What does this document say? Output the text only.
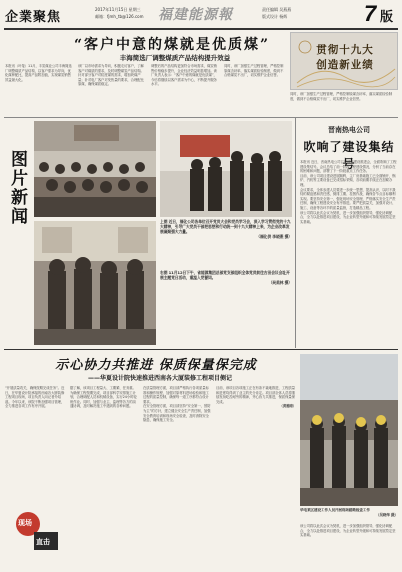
企業聚焦
2017年11月15日 星期三
邮箱：fjmh_tb@126.com 福建能源報	责任编辑 吴燕燕
版式设计 杨辉	7 版
“客户中意的煤就是优质煤”
丰海简选厂调整煤质产品结构提升效益
本报讯（叶斐）11月，丰炭煤业公司丰海简选厂调整煤质产品结构，以客户需求为导向，优化煤种配比，提高产品附加值，实现煤炭销售效益最大化。
该厂以市场需求为导向，积极走访客户，了解客户对煤质的需求，及时调整煤炭产品结构。针对部分客户对粒度煤的需求，增加块煤产量；针对电厂客户对发热量的要求，合理配比原煤，确保煤质稳定。
调整后的产品结构更加符合市场需求，煤炭销售价格稳步提升，企业经济效益明显增加。该厂负责人表示：“客户中意的煤就是优质煤”，今后将继续以客户需求为中心，不断提升服务水平。
同时，该厂加强生产过程管理，严格控制原煤含矸率，落实煤质检验制度，做到不合格煤炭不出厂，切实维护企业信誉。
贯彻十九大
创造新业绩
同时，该厂加强生产过程管理，严格控制原煤含矸率，落实煤质检验制度，做到不合格煤炭不出厂，切实维护企业信誉。
图片新闻	上图 近日，福化公司各单位召开党员大会和党员学习会，深入学习贯彻党的十九大精神，引导广大党员干部把思想和行动统一到十九大精神上来，为企业改革发展凝聚强大力量。
（福化供 李晓燕 摄）
右图 11月12日下午，省能源集团总部党支部组织全体党员前往古田会议会址开展主题党日活动，重温入党誓词。
（吴美林 摄）
晋南热电公司
吹响了建设集结号
本报讯 近日，晋南热电公司召开项目建设推进会，全面吹响了工程建设集结号。会议总结了前一阶段工程建设情况，分析了当前存在的困难和问题，部署了下一阶段重点工作任务。
目前，该公司项目建设进展顺利，主厂房基础施工已全面铺开，锅炉、汽机等主要设备已完成招标采购，各项前期手续正在加紧办理。
会议要求，全体参建人员要进一步统一思想，提高认识，以时不我待的紧迫感和责任感，倒排工期、挂图作战，确保各节点目标顺利实现。要坚持安全第一，强化现场安全管理，严格落实安全生产责任制，确保工程建设安全有序推进。要严把质量关，加强对设计、施工、设备等各环节的质量监督，打造精品工程。
该公司将以此次会议为契机，进一步加强组织领导，强化协调配合，全力以赴推进项目建设，为企业转型升级和可持续发展奠定坚实基础。
示心协力共推进 保质保量保完成
——华夏设计院快速推进西南各大厦装修工程项目侧记
“开展质量攻关，确保按期完成任务”。近日，在华夏设计院承接的西南各大厦装修工程项目现场，项目负责人向记者介绍道。今年以来，该院不断加强项目管理，全力推进各项工作有序开展。
现场
直击
据了解，该项目工程量大、工期紧、任务重。为确保工程按期完成，项目部科学安排施工计划，合理调配人员和机械设备，实行24小时轮班作业。同时，加强与业主、监理等各方的沟通协调，及时解决施工中遇到的各种问题。
在质量管理方面，项目部严格执行各项质量标准和操作规程，加强对原材料进场检验和施工过程的质量控制，确保每一道工序都符合设计要求。
在安全管理方面，项目部坚持“安全第一、预防为主”的方针，建立健全安全生产责任制，加强安全教育培训和现场安全检查，及时消除安全隐患，确保施工安全。
目前，该项目各项施工正在有条不紊地推进，工程质量和进度均得到了业主的充分肯定。项目部全体人员将继续发扬吃苦耐劳的精神，齐心协力共推进，保质保量保完成。
（黄雅晴）
华电某区建设工作人员开展现场踏勘检查工作
（吴晓华 摄）
该公司将以此次会议为契机，进一步加强组织领导，强化协调配合，全力以赴推进项目建设，为企业转型升级和可持续发展奠定坚实基础。
